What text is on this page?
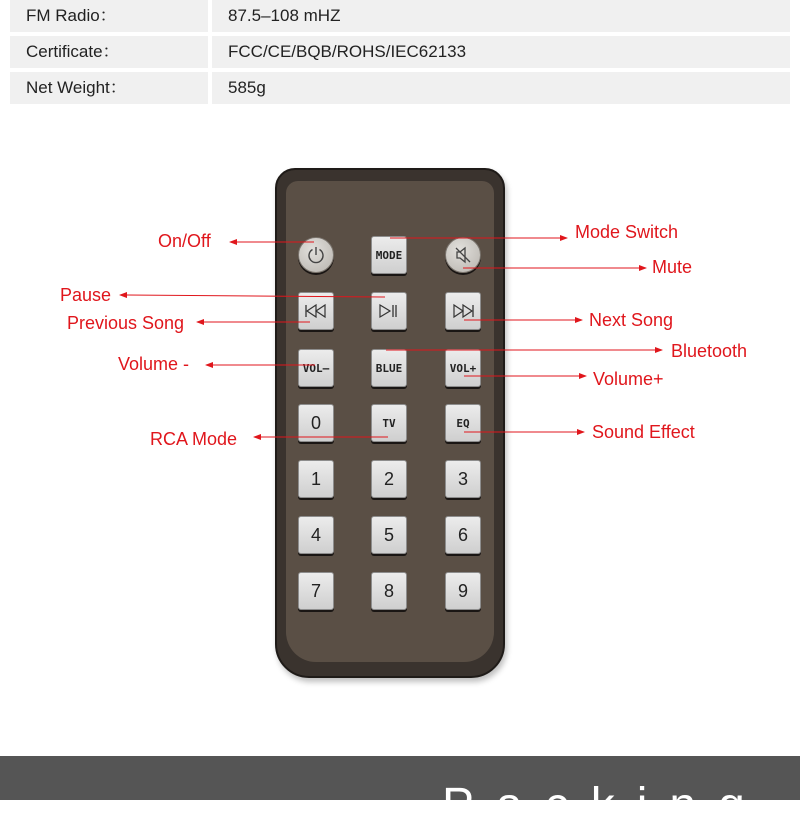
FM Radio：	87.5–108 mHZ
Certificate：	FCC/CE/BQB/ROHS/IEC62133
Net Weight：	585g
MODE
VOL–	BLUE	VOL+
0	TV	EQ
1	2	3
4	5	6
7	8	9
On/Off	Mode Switch
Mute
Pause
Previous Song	Next Song
Bluetooth
Volume -
Volume+
RCA Mode	Sound Effect
Packing
